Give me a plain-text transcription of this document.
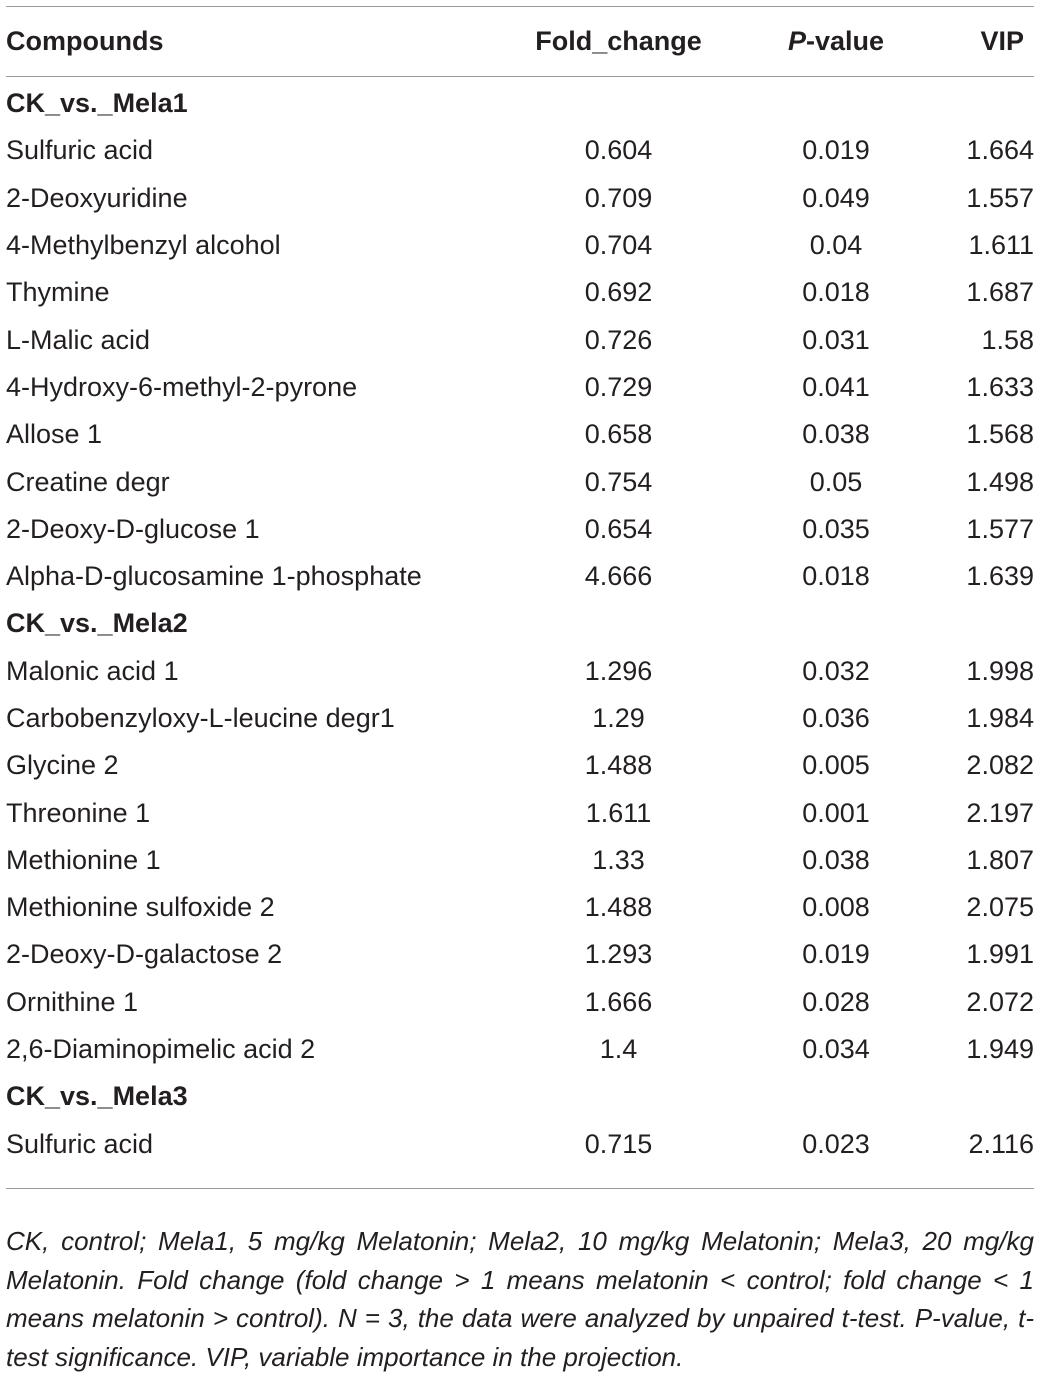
Compounds	Fold_change	P-value	VIP
CK_vs._Mela1			
Sulfuric acid	0.604	0.019	1.664
2-Deoxyuridine	0.709	0.049	1.557
4-Methylbenzyl alcohol	0.704	0.04	1.611
Thymine	0.692	0.018	1.687
L-Malic acid	0.726	0.031	1.58
4-Hydroxy-6-methyl-2-pyrone	0.729	0.041	1.633
Allose 1	0.658	0.038	1.568
Creatine degr	0.754	0.05	1.498
2-Deoxy-D-glucose 1	0.654	0.035	1.577
Alpha-D-glucosamine 1-phosphate	4.666	0.018	1.639
CK_vs._Mela2			
Malonic acid 1	1.296	0.032	1.998
Carbobenzyloxy-L-leucine degr1	1.29	0.036	1.984
Glycine 2	1.488	0.005	2.082
Threonine 1	1.611	0.001	2.197
Methionine 1	1.33	0.038	1.807
Methionine sulfoxide 2	1.488	0.008	2.075
2-Deoxy-D-galactose 2	1.293	0.019	1.991
Ornithine 1	1.666	0.028	2.072
2,6-Diaminopimelic acid 2	1.4	0.034	1.949
CK_vs._Mela3			
Sulfuric acid	0.715	0.023	2.116

CK, control; Mela1, 5 mg/kg Melatonin; Mela2, 10 mg/kg Melatonin; Mela3, 20 mg/kg Melatonin. Fold change (fold change > 1 means melatonin < control; fold change < 1 means melatonin > control). N = 3, the data were analyzed by unpaired t-test. P-value, t-test significance. VIP, variable importance in the projection.
